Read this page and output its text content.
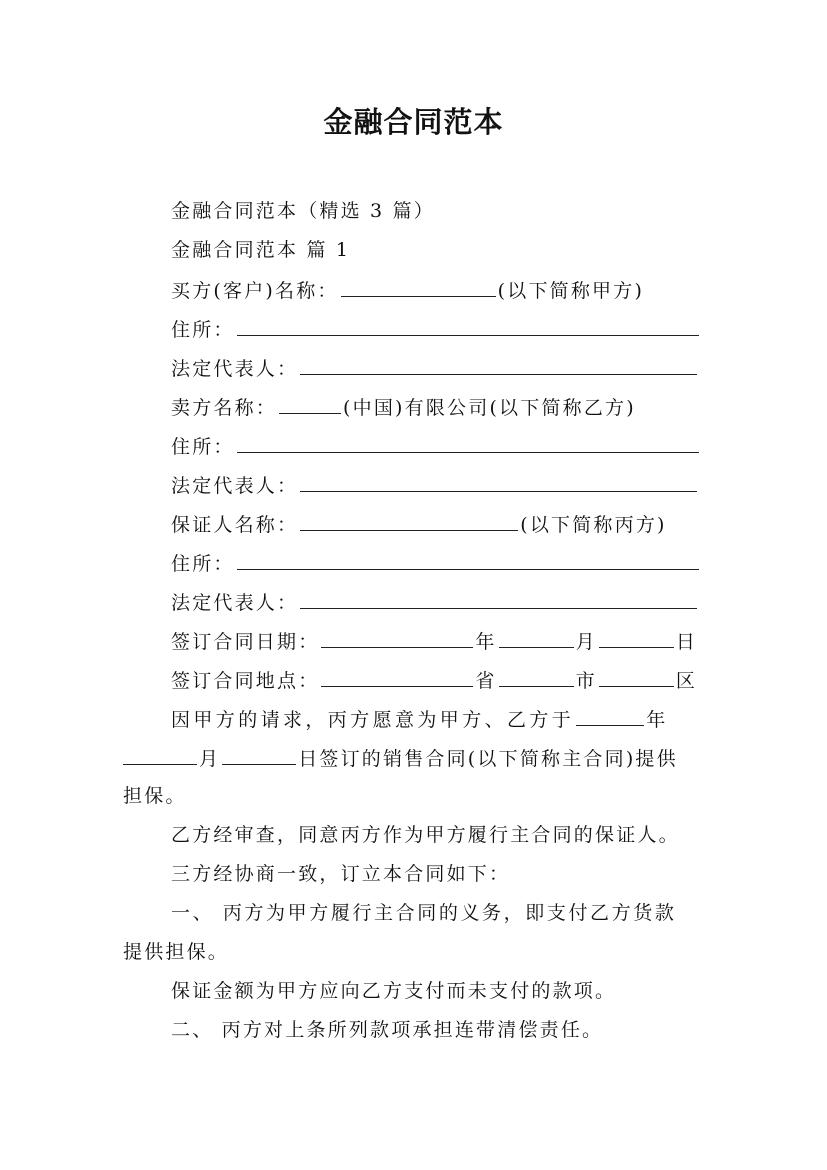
金融合同范本
金融合同范本（精选 3 篇）
金融合同范本 篇 1
买方(客户)名称：	(以下简称甲方)
住所：
法定代表人：
卖方名称：	(中国)有限公司(以下简称乙方)
住所：
法定代表人：
保证人名称：	(以下简称丙方)
住所：
法定代表人：
签订合同日期：	年	月	日
签订合同地点：	省	市	区
因甲方的请求，丙方愿意为甲方、乙方于	年
月	日签订的销售合同(以下简称主合同)提供
担保。
乙方经审查，同意丙方作为甲方履行主合同的保证人。
三方经协商一致，订立本合同如下：
一、 丙方为甲方履行主合同的义务，即支付乙方货款
提供担保。
保证金额为甲方应向乙方支付而未支付的款项。
二、 丙方对上条所列款项承担连带清偿责任。
